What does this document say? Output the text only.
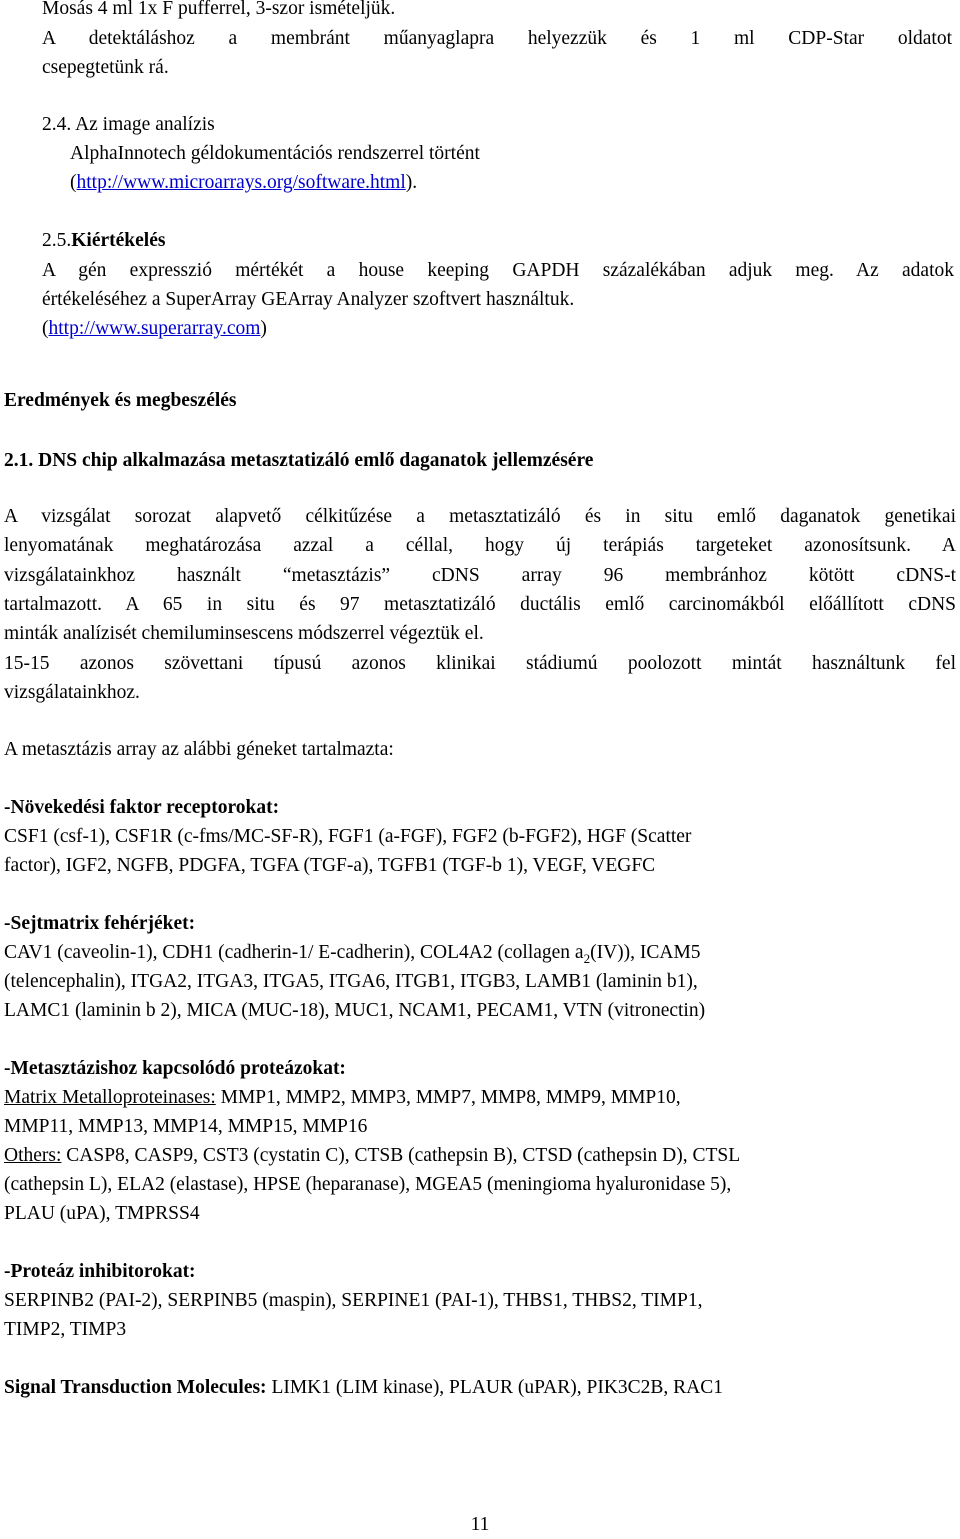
Mosás 4 ml 1x F pufferrel, 3-szor ismételjük.
A detektáláshoz a membránt műanyaglapra helyezzük és 1 ml CDP-Star oldatot
csepegtetünk rá.
2.4. Az image analízis
AlphaInnotech géldokumentációs rendszerrel történt
(http://www.microarrays.org/software.html).
2.5.Kiértékelés
A gén expresszió mértékét a house keeping GAPDH százalékában adjuk meg. Az adatok
értékeléséhez a SuperArray GEArray Analyzer szoftvert használtuk.
(http://www.superarray.com)
Eredmények és megbeszélés
2.1. DNS chip alkalmazása metasztatizáló emlő daganatok jellemzésére
A vizsgálat sorozat alapvető célkitűzése a metasztatizáló és in situ emlő daganatok genetikai
lenyomatának meghatározása azzal a céllal, hogy új terápiás targeteket azonosítsunk. A
vizsgálatainkhoz használt “metasztázis” cDNS array 96 membránhoz kötött cDNS-t
tartalmazott. A 65 in situ és 97 metasztatizáló ductális emlő carcinomákból előállított cDNS
minták analízisét chemiluminsescens módszerrel végeztük el.
15-15 azonos szövettani típusú azonos klinikai stádiumú poolozott mintát használtunk fel
vizsgálatainkhoz.
A metasztázis array az alábbi géneket tartalmazta:
-Növekedési faktor receptorokat:
CSF1 (csf-1), CSF1R (c-fms/MC-SF-R), FGF1 (a-FGF), FGF2 (b-FGF2), HGF (Scatter
factor), IGF2, NGFB, PDGFA, TGFA (TGF-a), TGFB1 (TGF-b 1), VEGF, VEGFC
-Sejtmatrix fehérjéket:
CAV1 (caveolin-1), CDH1 (cadherin-1/ E-cadherin), COL4A2 (collagen $a_2(IV)$), ICAM5
(telencephalin), ITGA2, ITGA3, ITGA5, ITGA6, ITGB1, ITGB3, LAMB1 (laminin b1),
LAMC1 (laminin b 2), MICA (MUC-18), MUC1, NCAM1, PECAM1, VTN (vitronectin)
-Metasztázishoz kapcsolódó proteázokat:
Matrix Metalloproteinases: MMP1, MMP2, MMP3, MMP7, MMP8, MMP9, MMP10,
MMP11, MMP13, MMP14, MMP15, MMP16
Others: CASP8, CASP9, CST3 (cystatin C), CTSB (cathepsin B), CTSD (cathepsin D), CTSL
(cathepsin L), ELA2 (elastase), HPSE (heparanase), MGEA5 (meningioma hyaluronidase 5),
PLAU (uPA), TMPRSS4
-Proteáz inhibitorokat:
SERPINB2 (PAI-2), SERPINB5 (maspin), SERPINE1 (PAI-1), THBS1, THBS2, TIMP1,
TIMP2, TIMP3
Signal Transduction Molecules: LIMK1 (LIM kinase), PLAUR (uPAR), PIK3C2B, RAC1
11
